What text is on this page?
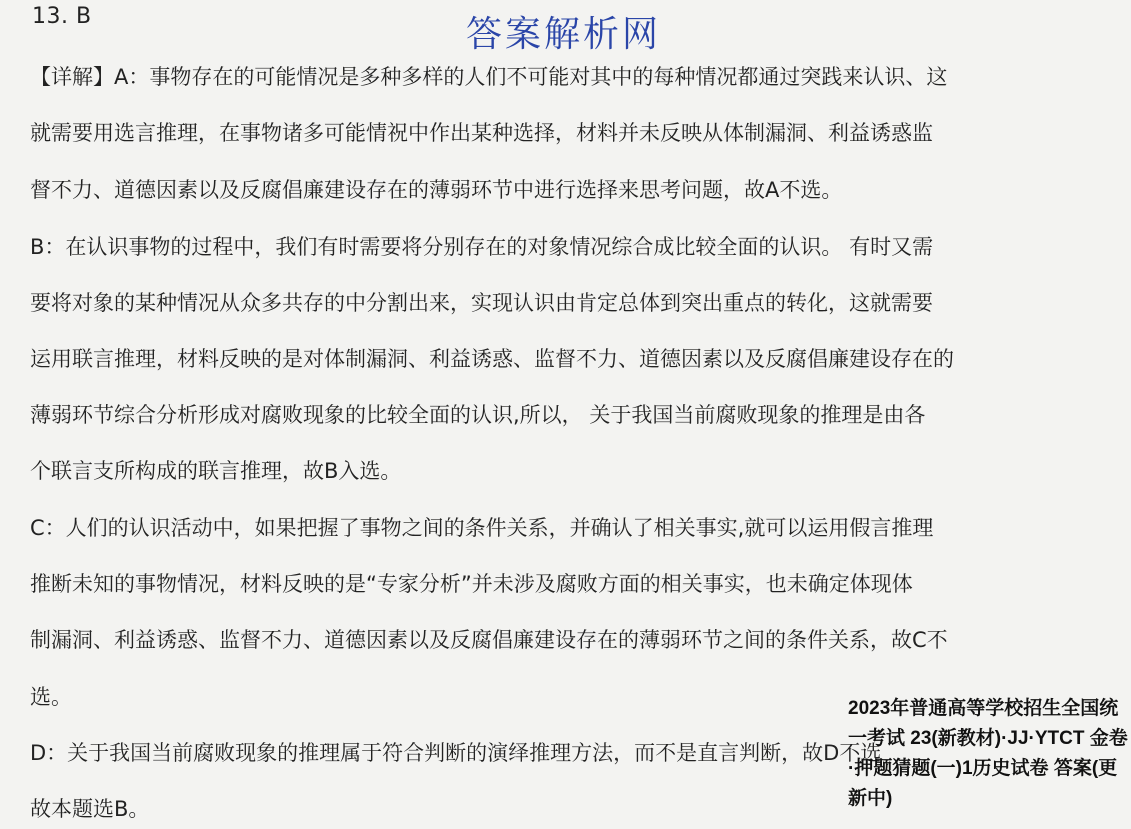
13. B	答案解析网
【详解】A：事物存在的可能情况是多种多样的人们不可能对其中的每种情况都通过突践来认识、这
就需要用选言推理，在事物诸多可能情祝中作出某种选择，材料并未反映从体制漏洞、利益诱惑监
督不力、道德因素以及反腐倡廉建设存在的薄弱环节中进行选择来思考问题，故A不选。
B：在认识事物的过程中，我们有时需要将分别存在的对象情况综合成比较全面的认识。 有时又需
要将对象的某种情况从众多共存的中分割出来，实现认识由肯定总体到突出重点的转化，这就需要
运用联言推理，材料反映的是对体制漏洞、利益诱惑、监督不力、道德因素以及反腐倡廉建设存在的
薄弱环节综合分析形成对腐败现象的比较全面的认识,所以， 关于我国当前腐败现象的推理是由各
个联言支所构成的联言推理，故B入选。
C：人们的认识活动中，如果把握了事物之间的条件关系，并确认了相关事实,就可以运用假言推理
推断未知的事物情况，材料反映的是“专家分析”并未涉及腐败方面的相关事实，也未确定体现体
制漏洞、利益诱惑、监督不力、道德因素以及反腐倡廉建设存在的薄弱环节之间的条件关系，故C不
选。
D：关于我国当前腐败现象的推理属于符合判断的演绎推理方法，而不是直言判断，故D不选
故本题选B。
2023年普通高等学校招生全国统一考试 23(新教材)·JJ·YTCT 金卷·押题猜题(一)1历史试卷 答案(更新中)
